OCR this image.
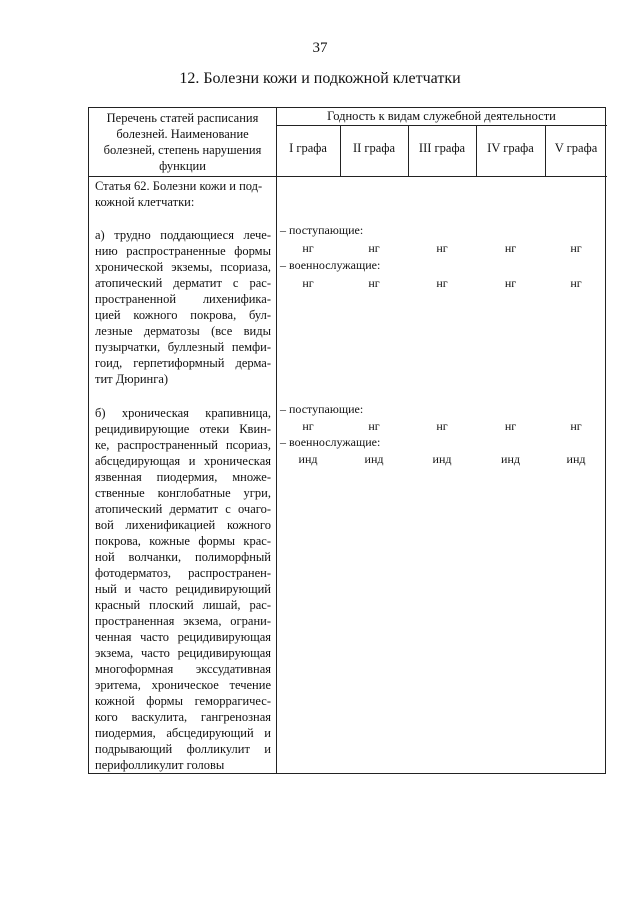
37
12. Болезни кожи и подкожной клетчатки
Перечень статей расписания
болезней. Наименование
болезней, степень нарушения
функции
Годность к видам служебной деятельности
I графа	II графа	III графа	IV графа	V графа
Статья 62. Болезни кожи и под-
кожной клетчатки:
а) трудно поддающиеся лече-
нию распространенные формы
хронической экземы, псориаза,
атопический дерматит с рас-
пространенной лихенифика-
цией кожного покрова, бул-
лезные дерматозы (все виды
пузырчатки, буллезный пемфи-
гоид, герпетиформный дерма-
тит Дюринга)
– поступающие:
нг	нг	нг	нг	нг
– военнослужащие:
нг	нг	нг	нг	нг
б) хроническая крапивница,
рецидивирующие отеки Квин-
ке, распространенный псориаз,
абсцедирующая и хроническая
язвенная пиодермия, множе-
ственные конглобатные угри,
атопический дерматит с очаго-
вой лихенификацией кожного
покрова, кожные формы крас-
ной волчанки, полиморфный
фотодерматоз, распространен-
ный и часто рецидивирующий
красный плоский лишай, рас-
пространенная экзема, ограни-
ченная часто рецидивирующая
экзема, часто рецидивирующая
многоформная экссудативная
эритема, хроническое течение
кожной формы геморрагичес-
кого васкулита, гангренозная
пиодермия, абсцедирующий и
подрывающий фолликулит и
перифолликулит головы
– поступающие:
нг	нг	нг	нг	нг
– военнослужащие:
инд	инд	инд	инд	инд
